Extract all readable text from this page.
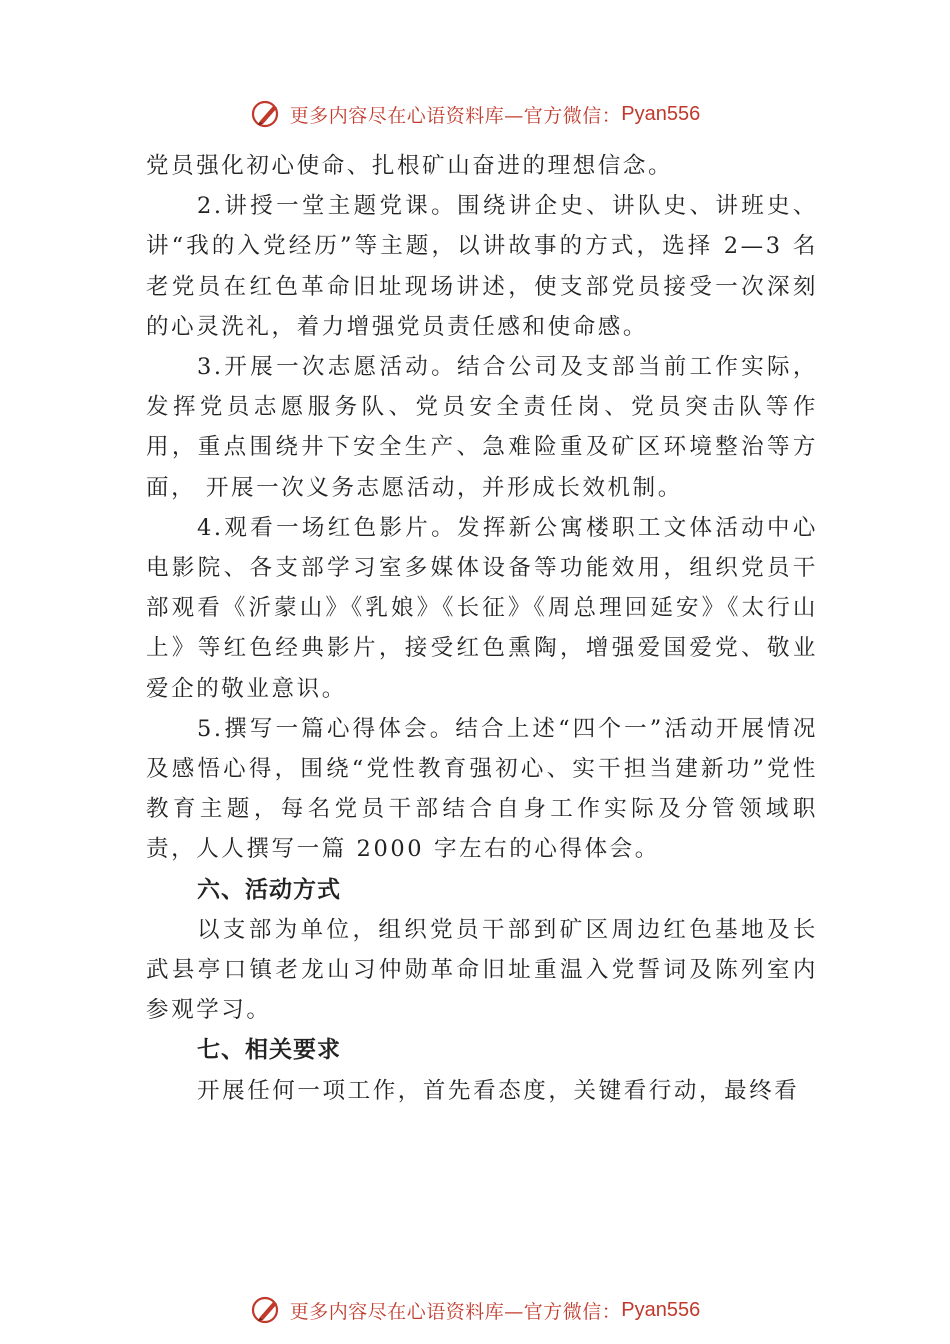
更多内容尽在心语资料库—官方微信： Pyan556

党员强化初心使命、扎根矿山奋进的理想信念。

2.讲授一堂主题党课。围绕讲企史、讲队史、讲班史、讲“我的入党经历”等主题，以讲故事的方式，选择 2—3 名老党员在红色革命旧址现场讲述，使支部党员接受一次深刻的心灵洗礼，着力增强党员责任感和使命感。

3.开展一次志愿活动。结合公司及支部当前工作实际，发挥党员志愿服务队、党员安全责任岗、党员突击队等作用，重点围绕井下安全生产、急难险重及矿区环境整治等方面， 开展一次义务志愿活动，并形成长效机制。

4.观看一场红色影片。发挥新公寓楼职工文体活动中心电影院、各支部学习室多媒体设备等功能效用，组织党员干部观看《沂蒙山》《乳娘》《长征》《周总理回延安》《太行山上》等红色经典影片，接受红色熏陶，增强爱国爱党、敬业爱企的敬业意识。

5.撰写一篇心得体会。结合上述“四个一”活动开展情况及感悟心得，围绕“党性教育强初心、实干担当建新功”党性教育主题，每名党员干部结合自身工作实际及分管领域职责，人人撰写一篇 2000 字左右的心得体会。

六、活动方式

以支部为单位，组织党员干部到矿区周边红色基地及长武县亭口镇老龙山习仲勋革命旧址重温入党誓词及陈列室内参观学习。

七、相关要求

开展任何一项工作，首先看态度，关键看行动，最终看

更多内容尽在心语资料库—官方微信： Pyan556
